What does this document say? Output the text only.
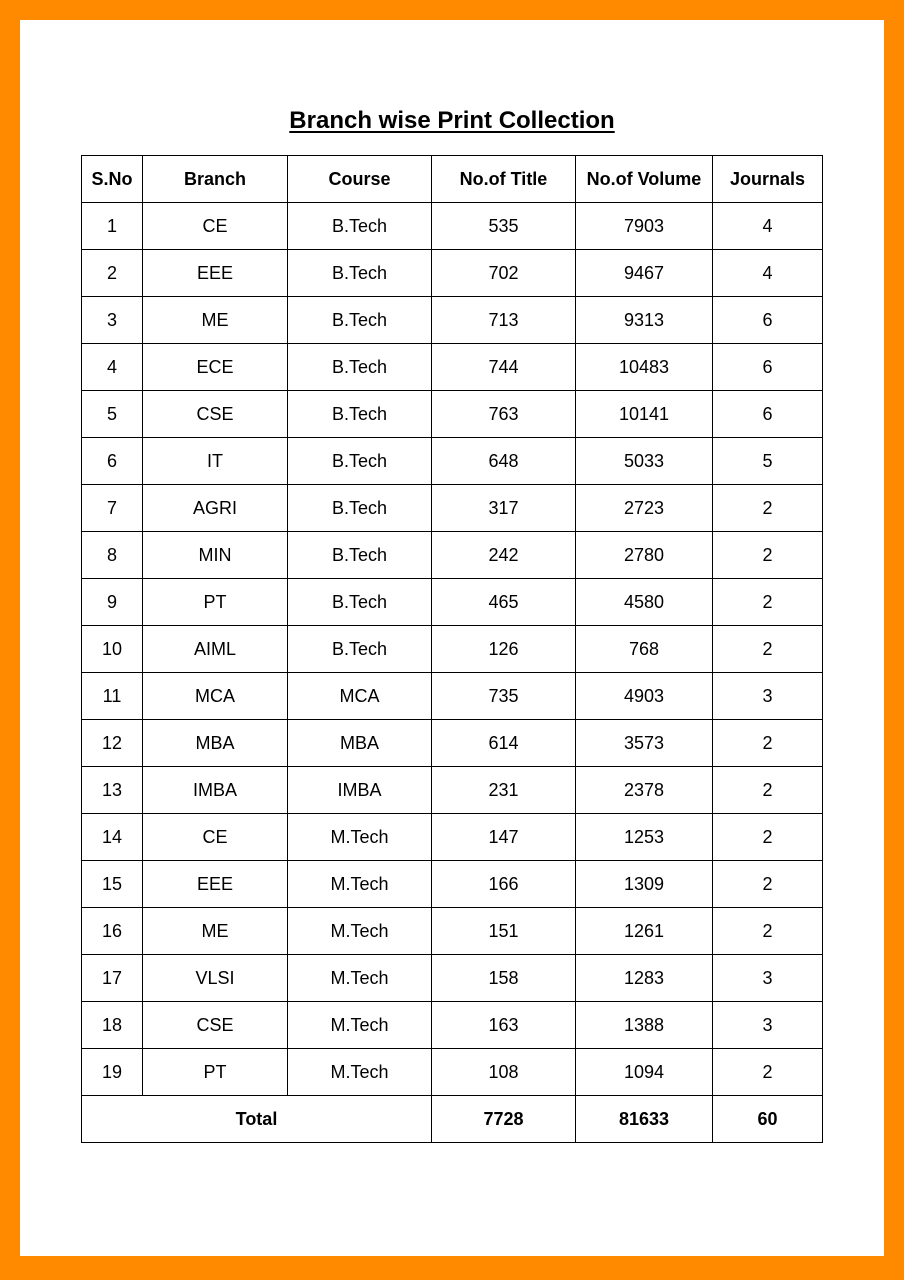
Branch wise Print Collection
S.No	Branch	Course	No.of Title	No.of Volume	Journals
1	CE	B.Tech	535	7903	4
2	EEE	B.Tech	702	9467	4
3	ME	B.Tech	713	9313	6
4	ECE	B.Tech	744	10483	6
5	CSE	B.Tech	763	10141	6
6	IT	B.Tech	648	5033	5
7	AGRI	B.Tech	317	2723	2
8	MIN	B.Tech	242	2780	2
9	PT	B.Tech	465	4580	2
10	AIML	B.Tech	126	768	2
11	MCA	MCA	735	4903	3
12	MBA	MBA	614	3573	2
13	IMBA	IMBA	231	2378	2
14	CE	M.Tech	147	1253	2
15	EEE	M.Tech	166	1309	2
16	ME	M.Tech	151	1261	2
17	VLSI	M.Tech	158	1283	3
18	CSE	M.Tech	163	1388	3
19	PT	M.Tech	108	1094	2
Total			7728	81633	60
